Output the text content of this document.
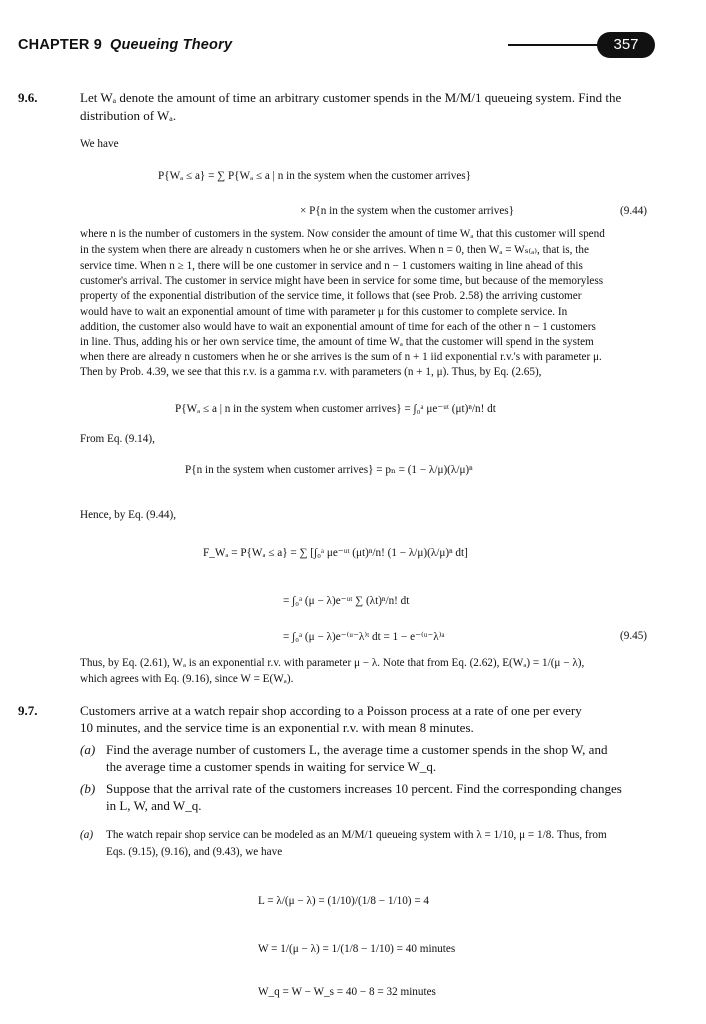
CHAPTER 9 Queueing Theory	357
9.6.	Let Wₐ denote the amount of time an arbitrary customer spends in the M/M/1 queueing system. Find the
distribution of Wₐ.
We have
P{Wₐ ≤ a} = ∑ P{Wₐ ≤ a | n in the system when the customer arrives}
× P{n in the system when the customer arrives}	(9.44)
where n is the number of customers in the system. Now consider the amount of time Wₐ that this customer will spend
in the system when there are already n customers when he or she arrives. When n = 0, then Wₐ = Wₛ₍ₐ₎, that is, the
service time. When n ≥ 1, there will be one customer in service and n − 1 customers waiting in line ahead of this
customer's arrival. The customer in service might have been in service for some time, but because of the memoryless
property of the exponential distribution of the service time, it follows that (see Prob. 2.58) the arriving customer
would have to wait an exponential amount of time with parameter μ for this customer to complete service. In
addition, the customer also would have to wait an exponential amount of time for each of the other n − 1 customers
in line. Thus, adding his or her own service time, the amount of time Wₐ that the customer will spend in the system
when there are already n customers when he or she arrives is the sum of n + 1 iid exponential r.v.'s with parameter μ.
Then by Prob. 4.39, we see that this r.v. is a gamma r.v. with parameters (n + 1, μ). Thus, by Eq. (2.65),
P{Wₐ ≤ a | n in the system when customer arrives} = ∫₀ᵃ μe⁻ᵘᵗ (μt)ⁿ/n! dt
From Eq. (9.14),
P{n in the system when customer arrives} = pₙ = (1 − λ/μ)(λ/μ)ⁿ
Hence, by Eq. (9.44),
F_Wₐ = P{Wₐ ≤ a} = ∑ [∫₀ᵃ μe⁻ᵘᵗ (μt)ⁿ/n! (1 − λ/μ)(λ/μ)ⁿ dt]
= ∫₀ᵃ (μ − λ)e⁻ᵘᵗ ∑ (λt)ⁿ/n! dt
= ∫₀ᵃ (μ − λ)e⁻⁽ᵘ⁻λ⁾ᵗ dt = 1 − e⁻⁽ᵘ⁻λ⁾ᵃ	(9.45)
Thus, by Eq. (2.61), Wₐ is an exponential r.v. with parameter μ − λ. Note that from Eq. (2.62), E(Wₐ) = 1/(μ − λ),
which agrees with Eq. (9.16), since W = E(Wₐ).
9.7.	Customers arrive at a watch repair shop according to a Poisson process at a rate of one per every
10 minutes, and the service time is an exponential r.v. with mean 8 minutes.
(a) Find the average number of customers L, the average time a customer spends in the shop W, and
the average time a customer spends in waiting for service W_q.
(b) Suppose that the arrival rate of the customers increases 10 percent. Find the corresponding changes
in L, W, and W_q.
(a) The watch repair shop service can be modeled as an M/M/1 queueing system with λ = 1/10, μ = 1/8. Thus, from
Eqs. (9.15), (9.16), and (9.43), we have
L = λ/(μ − λ) = (1/10)/(1/8 − 1/10) = 4
W = 1/(μ − λ) = 1/(1/8 − 1/10) = 40 minutes
W_q = W − W_s = 40 − 8 = 32 minutes
